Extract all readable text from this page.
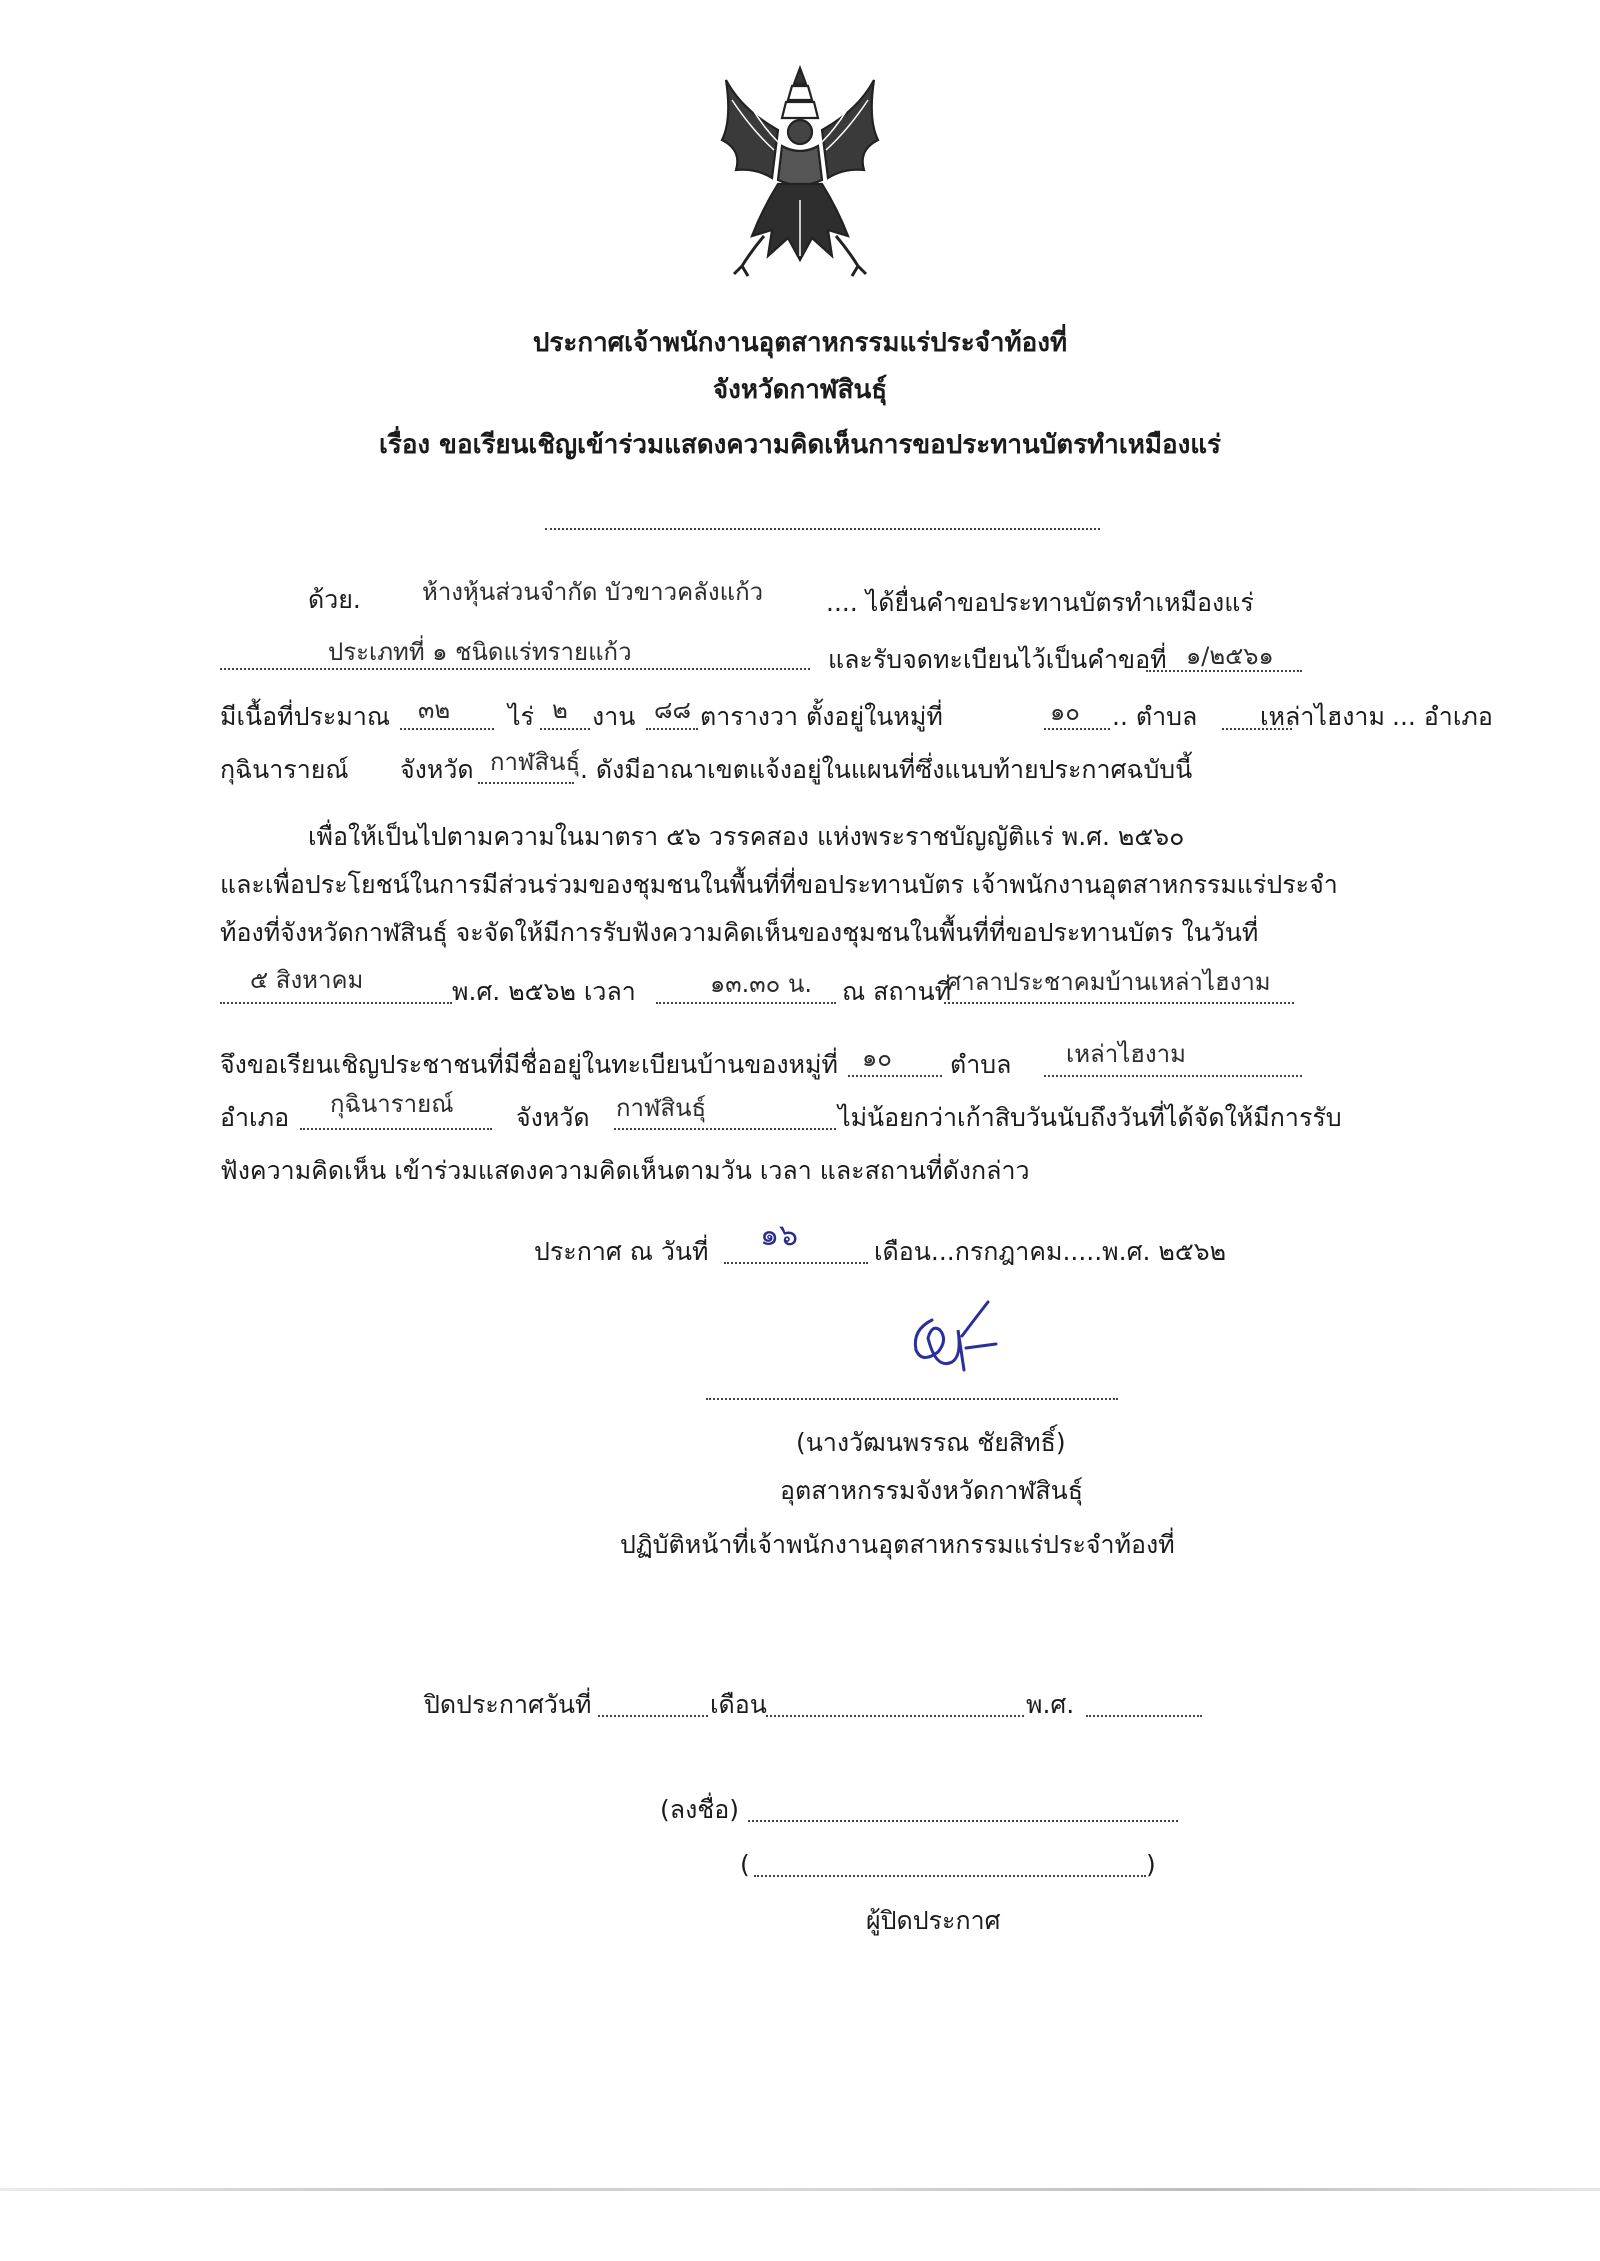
ประกาศเจ้าพนักงานอุตสาหกรรมแร่ประจำท้องที่
จังหวัดกาฬสินธุ์
เรื่อง ขอเรียนเชิญเข้าร่วมแสดงความคิดเห็นการขอประทานบัตรทำเหมืองแร่
ด้วย.	ห้างหุ้นส่วนจำกัด บัวขาวคลังแก้ว	.... ได้ยื่นคำขอประทานบัตรทำเหมืองแร่
ประเภทที่ ๑ ชนิดแร่ทรายแก้ว	และรับจดทะเบียนไว้เป็นคำขอที่ ๑/๒๕๖๑
มีเนื้อที่ประมาณ ๓๒ ไร่ ๒ งาน ๘๘ ตารางวา ตั้งอยู่ในหมู่ที่	๑๐ .. ตำบล	เหล่าไฮงาม ... อำเภอ
กุฉินารายณ์ จังหวัด กาฬสินธุ์ . ดังมีอาณาเขตแจ้งอยู่ในแผนที่ซึ่งแนบท้ายประกาศฉบับนี้
เพื่อให้เป็นไปตามความในมาตรา ๕๖ วรรคสอง แห่งพระราชบัญญัติแร่ พ.ศ. ๒๕๖๐
และเพื่อประโยชน์ในการมีส่วนร่วมของชุมชนในพื้นที่ที่ขอประทานบัตร เจ้าพนักงานอุตสาหกรรมแร่ประจำ
ท้องที่จังหวัดกาฬสินธุ์ จะจัดให้มีการรับฟังความคิดเห็นของชุมชนในพื้นที่ที่ขอประทานบัตร ในวันที่
๕ สิงหาคม	พ.ศ. ๒๕๖๒ เวลา	๑๓.๓๐ น. ณ สถานที่
ศาลาประชาคมบ้านเหล่าไฮงาม
จึงขอเรียนเชิญประชาชนที่มีชื่ออยู่ในทะเบียนบ้านของหมู่ที่ ๑๐ ตำบล เหล่าไฮงาม
อำเภอ กุฉินารายณ์	จังหวัด กาฬสินธุ์	ไม่น้อยกว่าเก้าสิบวันนับถึงวันที่ได้จัดให้มีการรับ
ฟังความคิดเห็น เข้าร่วมแสดงความคิดเห็นตามวัน เวลา และสถานที่ดังกล่าว
ประกาศ ณ วันที่ ๑๖	เดือน...กรกฎาคม.....พ.ศ. ๒๕๖๒
(นางวัฒนพรรณ ชัยสิทธิ์)
อุตสาหกรรมจังหวัดกาฬสินธุ์
ปฏิบัติหน้าที่เจ้าพนักงานอุตสาหกรรมแร่ประจำท้องที่
ปิดประกาศวันที่	เดือน	พ.ศ.
(ลงชื่อ)
(	)
ผู้ปิดประกาศ
